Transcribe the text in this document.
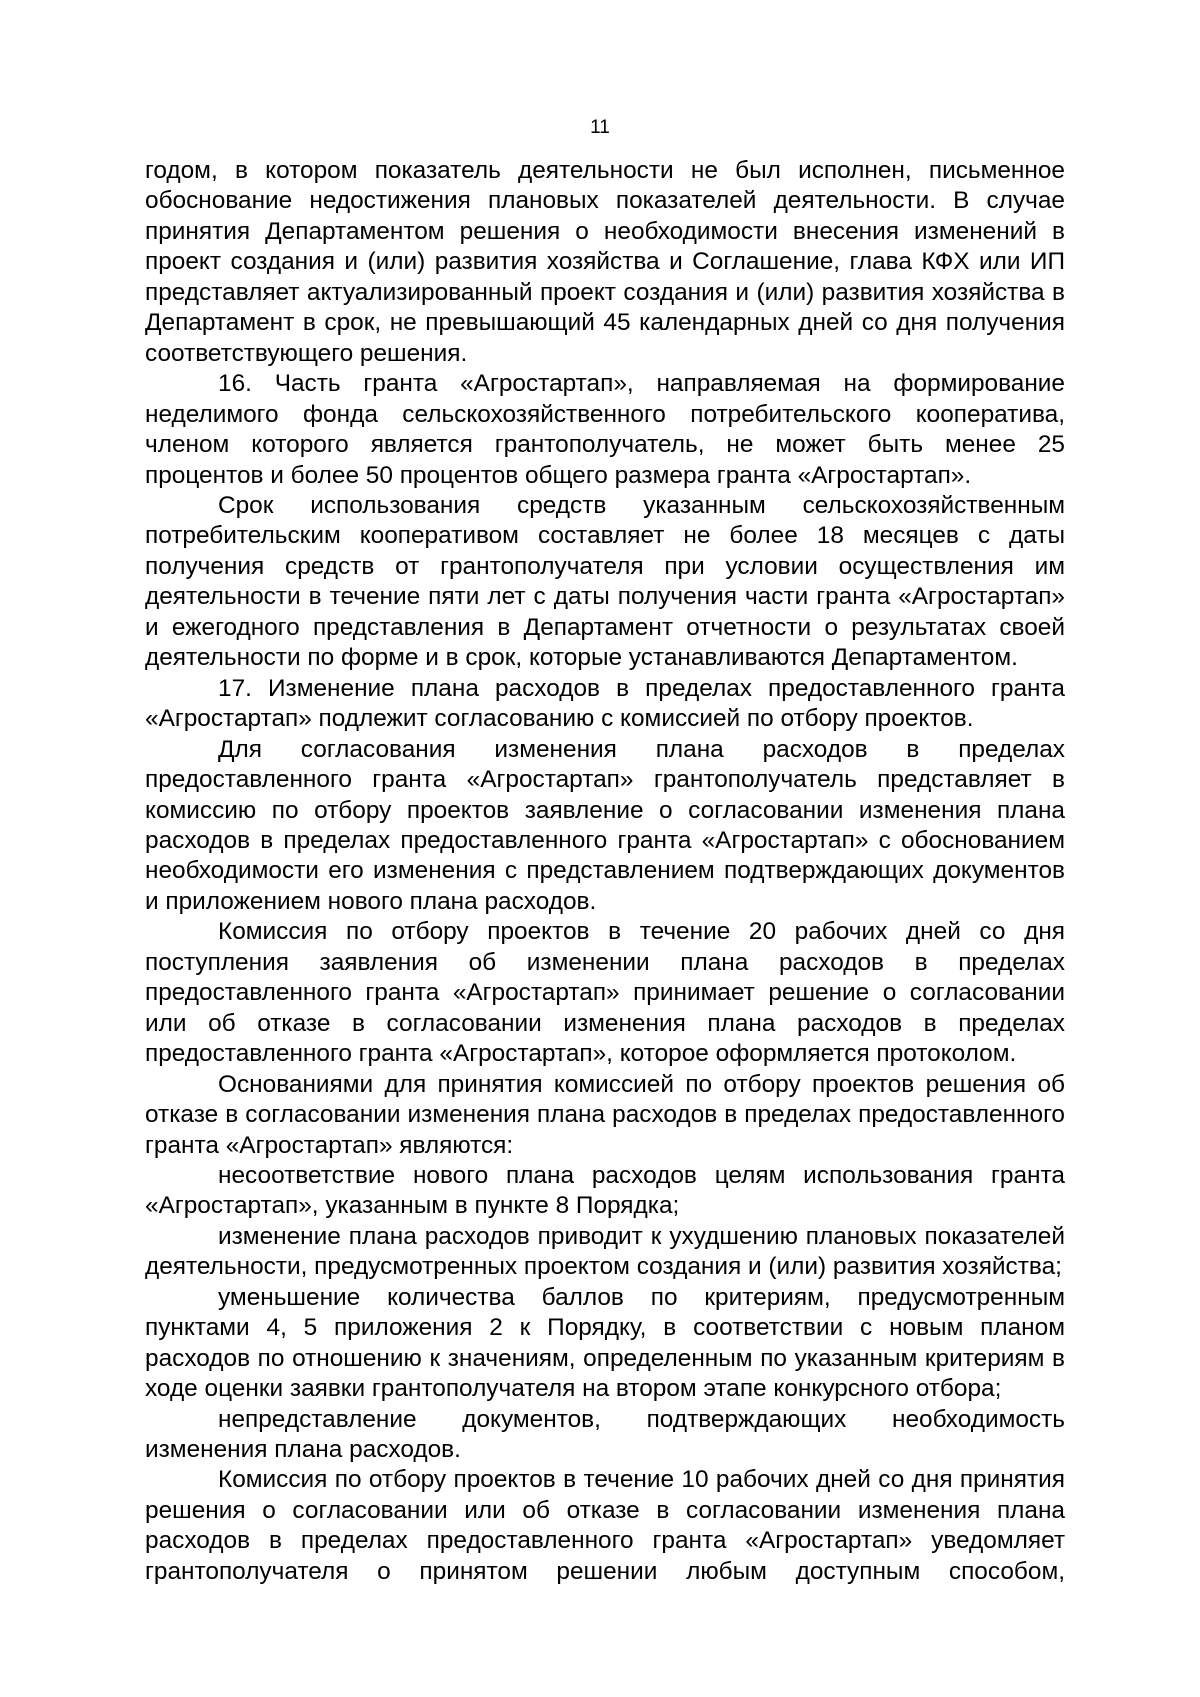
11

годом, в котором показатель деятельности не был исполнен, письменное обоснование недостижения плановых показателей деятельности. В случае принятия Департаментом решения о необходимости внесения изменений в проект создания и (или) развития хозяйства и Соглашение, глава КФХ или ИП представляет актуализированный проект создания и (или) развития хозяйства в Департамент в срок, не превышающий 45 календарных дней со дня получения соответствующего решения.

16. Часть гранта «Агростартап», направляемая на формирование неделимого фонда сельскохозяйственного потребительского кооператива, членом которого является грантополучатель, не может быть менее 25 процентов и более 50 процентов общего размера гранта «Агростартап».

Срок использования средств указанным сельскохозяйственным потребительским кооперативом составляет не более 18 месяцев с даты получения средств от грантополучателя при условии осуществления им деятельности в течение пяти лет с даты получения части гранта «Агростартап» и ежегодного представления в Департамент отчетности о результатах своей деятельности по форме и в срок, которые устанавливаются Департаментом.

17. Изменение плана расходов в пределах предоставленного гранта «Агростартап» подлежит согласованию с комиссией по отбору проектов.

Для согласования изменения плана расходов в пределах предоставленного гранта «Агростартап» грантополучатель представляет в комиссию по отбору проектов заявление о согласовании изменения плана расходов в пределах предоставленного гранта «Агростартап» с обоснованием необходимости его изменения с представлением подтверждающих документов и приложением нового плана расходов.

Комиссия по отбору проектов в течение 20 рабочих дней со дня поступления заявления об изменении плана расходов в пределах предоставленного гранта «Агростартап» принимает решение о согласовании или об отказе в согласовании изменения плана расходов в пределах предоставленного гранта «Агростартап», которое оформляется протоколом.

Основаниями для принятия комиссией по отбору проектов решения об отказе в согласовании изменения плана расходов в пределах предоставленного гранта «Агростартап» являются:

несоответствие нового плана расходов целям использования гранта «Агростартап», указанным в пункте 8 Порядка;

изменение плана расходов приводит к ухудшению плановых показателей деятельности, предусмотренных проектом создания и (или) развития хозяйства;

уменьшение количества баллов по критериям, предусмотренным пунктами 4, 5 приложения 2 к Порядку, в соответствии с новым планом расходов по отношению к значениям, определенным по указанным критериям в ходе оценки заявки грантополучателя на втором этапе конкурсного отбора;

непредставление документов, подтверждающих необходимость изменения плана расходов.

Комиссия по отбору проектов в течение 10 рабочих дней со дня принятия решения о согласовании или об отказе в согласовании изменения плана расходов в пределах предоставленного гранта «Агростартап» уведомляет грантополучателя о принятом решении любым доступным способом,
